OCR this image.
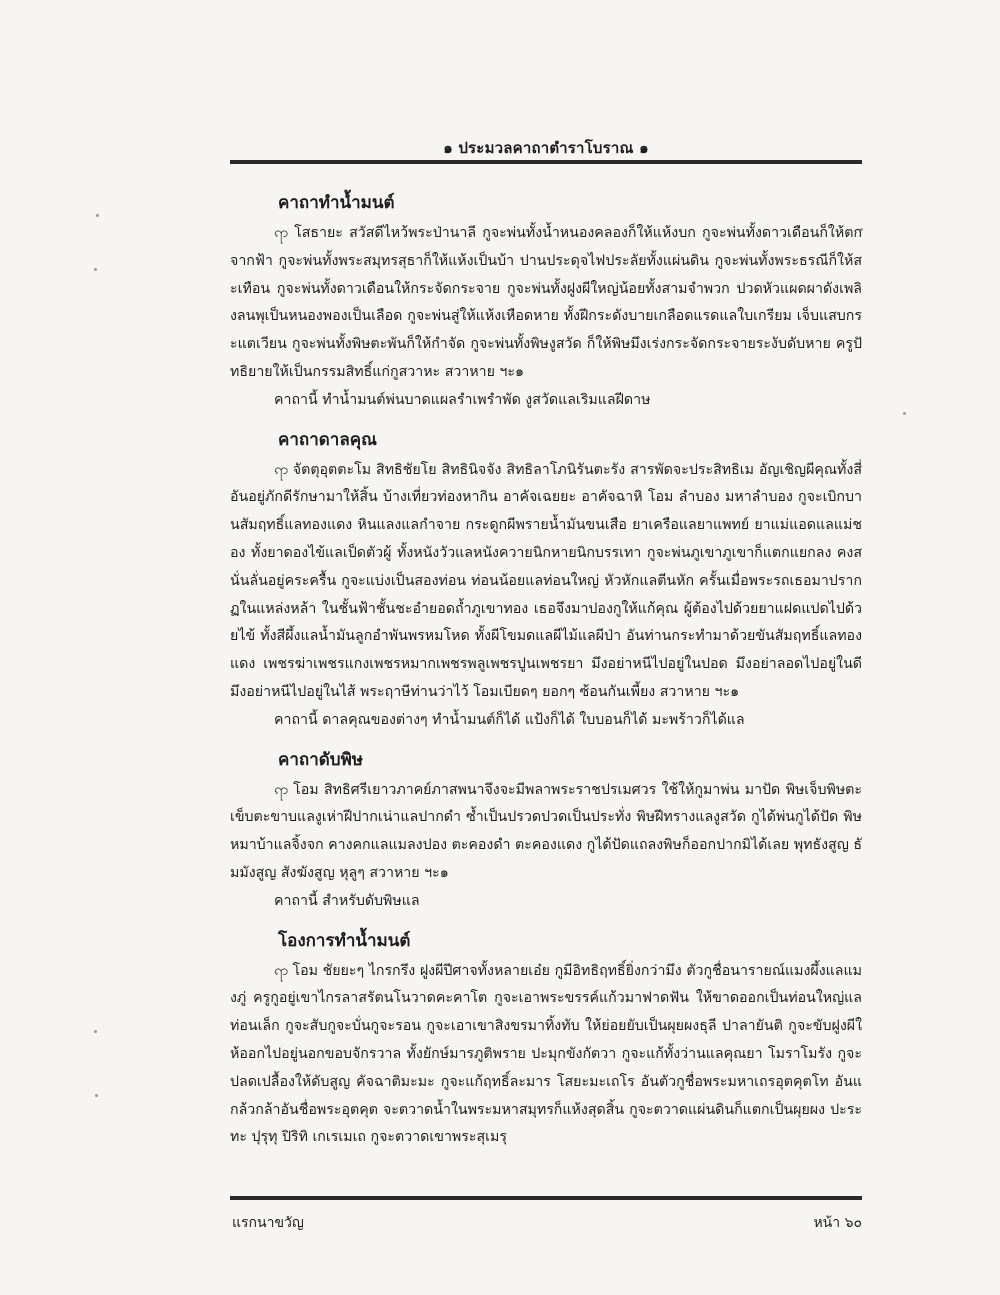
๑ ประมวลคาถาตำราโบราณ ๑
คาถาทำน้ำมนต์

ꧧ โสธายะ สวัสดีไหว้พระป่านาลี กูจะพ่นทั้งน้ำหนองคลองก็ให้แห้งบก กูจะพ่นทั้งดาวเดือนก็ให้ตกจากฟ้า กูจะพ่นทั้งพระสมุทรสุธาก็ให้แห้งเป็นบ้า ปานประดุจไฟประลัยทั้งแผ่นดิน กูจะพ่นทั้งพระธรณีก็ให้สะเทือน กูจะพ่นทั้งดาวเดือนให้กระจัดกระจาย กูจะพ่นทั้งฝูงผีใหญ่น้อยทั้งสามจำพวก ปวดหัวแผดผาดังเพลิงลนพุเป็นหนองพองเป็นเลือด กูจะพ่นสู่ให้แห้งเหือดหาย ทั้งฝีกระดังบายเกลือดแรดแลใบเกรียม เจ็บแสบกระแตเวียน กูจะพ่นทั้งพิษตะพันก็ให้กำจัด กูจะพ่นทั้งพิษงูสวัด ก็ให้พิษมึงเร่งกระจัดกระจายระงับดับหาย ครูปัทธิยายให้เป็นกรรมสิทธิ์แก่กูสวาหะ สวาหาย ฯะ๑

คาถานี้ ทำน้ำมนต์พ่นบาดแผลรำเพรำพัด งูสวัดแลเริมแลฝีดาษ

คาถาดาลคุณ

ꧧ จัตตุอุตตะโม สิทธิชัยโย สิทธินิจจัง สิทธิลาโภนิรันตะรัง สารพัดจะประสิทธิเม อัญเชิญผีคุณทั้งสี่ อันอยู่ภักดีรักษามาให้สิ้น บ้างเที่ยวท่องหากิน อาคัจเฉยยะ อาคัจฉาหิ โอม ลำบอง มหาลำบอง กูจะเบิกบานสัมฤทธิ์แลทองแดง หินแลงแลกำจาย กระดูกผีพรายน้ำมันขนเสือ ยาเครือแลยาแพทย์ ยาแม่แอดแลแม่ชอง ทั้งยาดองไข้แลเป็ดตัวผู้ ทั้งหนังวัวแลหนังควายนิกหายนิกบรรเทา กูจะพ่นภูเขาภูเขาก็แตกแยกลง คงสนั่นลั่นอยู่คระครื้น กูจะแบ่งเป็นสองท่อน ท่อนน้อยแลท่อนใหญ่ หัวหักแลตีนหัก ครั้นเมื่อพระรถเธอมาปรากฏในแหล่งหล้า ในชั้นฟ้าชั้นชะอำยอดถ้ำภูเขาทอง เธอจึงมาปองกูให้แก้คุณ ผู้ต้องไปด้วยยาแฝดแปดไปด้วยไข้ ทั้งสีผึ้งแลน้ำมันลูกอำพันพรหมโหด ทั้งผีโขมดแลผีไม้แลผีป่า อันท่านกระทำมาด้วยขันสัมฤทธิ์แลทองแดง เพชรฆ่าเพชรแกงเพชรหมากเพชรพลูเพชรปูนเพชรยา มึงอย่าหนีไปอยู่ในปอด มึงอย่าลอดไปอยู่ในดี มึงอย่าหนีไปอยู่ในไส้ พระฤาษีท่านว่าไว้ โอมเบียดๆ ยอกๆ ซ้อนกันเพี้ยง สวาหาย ฯะ๑

คาถานี้ ดาลคุณของต่างๆ ทำน้ำมนต์ก็ได้ แป้งก็ได้ ใบบอนก็ได้ มะพร้าวก็ได้แล

คาถาดับพิษ

ꧧ โอม สิทธิศรีเยาวภาคย์ภาสพนาจึงจะมีพลาพระราชปรเมศวร ใช้ให้กูมาพ่น มาปัด พิษเจ็บพิษตะเข็บตะขาบแลงูเห่าฝีปากเน่าแลปากดำ ซ้ำเป็นปรวดปวดเป็นประทั่ง พิษฝีทรางแลงูสวัด กูได้พ่นกูได้ปัด พิษหมาบ้าแลจิ้งจก คางคกแลแมลงปอง ตะคองดำ ตะคองแดง กูได้ปัดแถลงพิษก็ออกปากมิได้เลย พุทธังสูญ ธัมมังสูญ สังฆังสูญ หุลูๆ สวาหาย ฯะ๑

คาถานี้ สำหรับดับพิษแล

โองการทำน้ำมนต์

ꧧ โอม ชัยยะๆ ไกรกรึง ฝูงผีปีศาจทั้งหลายเอ๋ย กูมีอิทธิฤทธิ์ยิ่งกว่ามึง ตัวกูชื่อนารายณ์แมงผึ้งแลแมงภู่ ครูกูอยู่เขาไกรลาสรัตนโนวาดคะคาโต กูจะเอาพระขรรค์แก้วมาฟาดฟัน ให้ขาดออกเป็นท่อนใหญ่แลท่อนเล็ก กูจะสับกูจะบั่นกูจะรอน กูจะเอาเขาสิงขรมาทิ้งทับ ให้ย่อยยับเป็นผุยผงธุลี ปาลายันติ กูจะขับฝูงผีให้ออกไปอยู่นอกขอบจักรวาล ทั้งยักษ์มารภูติพราย ปะมุกขังกัตวา กูจะแก้ทั้งว่านแลคุณยา โมราโมรัง กูจะปลดเปลื้องให้ดับสูญ คัจฉาติมะมะ กูจะแก้ฤทธิ์ละมาร โสยะมะเถโร อันตัวกูชื่อพระมหาเถรอุตคุตโท อันแกล้วกล้าอันชื่อพระอุตคุต จะตวาดน้ำในพระมหาสมุทรก็แห้งสุดสิ้น กูจะตวาดแผ่นดินก็แตกเป็นผุยผง ปะระทะ ปุรุทุ ปิริทิ เกเรเมเถ กูจะตวาดเขาพระสุเมรุ

แรกนาขวัญ	หน้า ๖๐
